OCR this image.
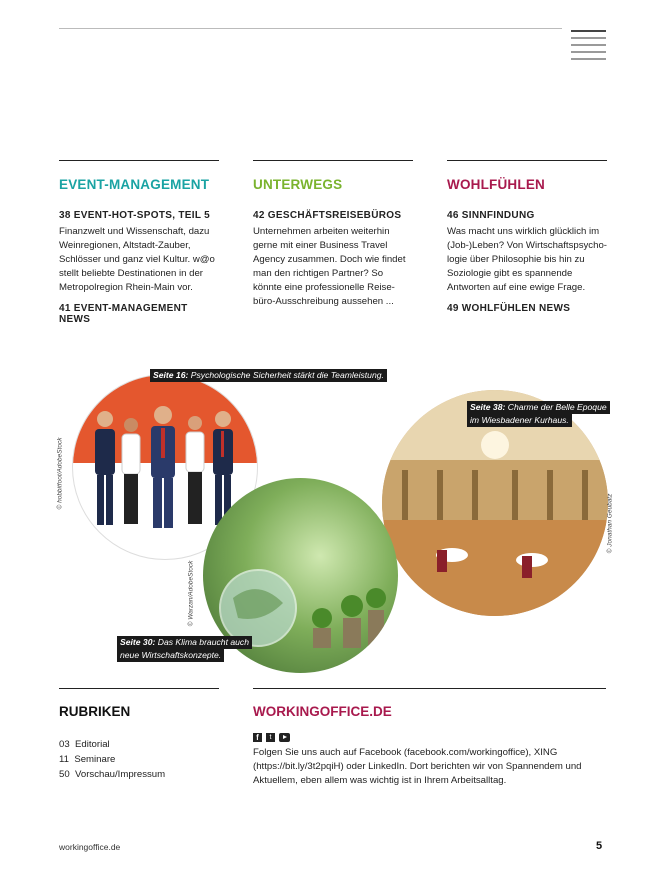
EVENT-MANAGEMENT
38 EVENT-HOT-SPOTS, TEIL 5

Finanzwelt und Wissenschaft, dazu Weinregionen, Altstadt-Zauber, Schlösser und ganz viel Kultur. w@o stellt beliebte Destinationen in der Metropolregion Rhein-Main vor.

41 EVENT-MANAGEMENT NEWS
UNTERWEGS
42 GESCHÄFTSREISEBÜROS

Unternehmen arbeiten weiterhin gerne mit einer Business Travel Agency zusammen. Doch wie findet man den richtigen Partner? So könnte eine professionelle Reise-büro-Ausschreibung aussehen ...

WOHLFÜHLEN
46 SINNFINDUNG

Was macht uns wirklich glücklich im (Job-)Leben? Von Wirtschaftspsycho-logie über Philosophie bis hin zu Soziologie gibt es spannende Antworten auf eine ewige Frage.

49 WOHLFÜHLEN NEWS
Seite 16: Psychologische Sicherheit stärkt die Teamleistung.
Seite 38: Charme der Belle Epoque
im Wiesbadener Kurhaus.
Seite 30: Das Klima braucht auch
neue Wirtschaftskonzepte.
© hobbitfoot/AdobeStock
© Warzan/AdobeStock
© Jonathan Geubatz
RUBRIKEN
03 Editorial
11 Seminare
50 Vorschau/Impressum
WORKINGOFFICE.DE
f	t

Folgen Sie uns auch auf Facebook (facebook.com/workingoffice), XING (https://bit.ly/3t2pqiH) oder LinkedIn. Dort berichten wir von Spannendem und Aktuellem, eben allem was wichtig ist in Ihrem Arbeitsalltag.

workingoffice.de	5
